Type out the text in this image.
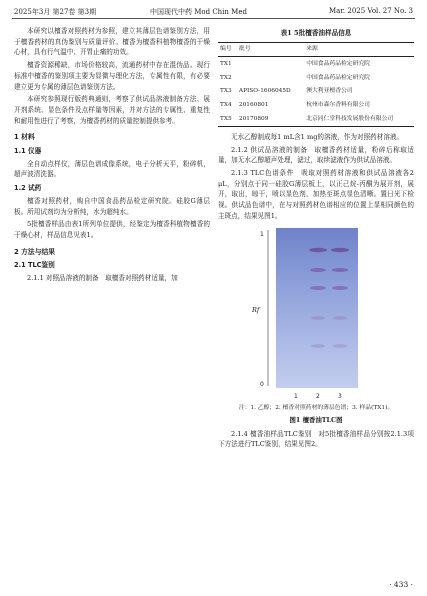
2025年3月 第27卷 第3期	中国现代中药 Mod Chin Med	Mar. 2025 Vol. 27 No. 3

本研究以檀香对照药材为参照，建立其薄层色谱鉴别方法，用于檀香药材的真伪鉴别与质量评价。檀香为檀香科植物檀香的干燥心材，具有行气温中、开胃止痛的功效。

檀香资源稀缺，市场价格较高，流通药材中存在混伪品。现行标准中檀香的鉴别项主要为显微与理化方法，专属性有限，有必要建立更为专属的薄层色谱鉴别方法。

本研究参照现行版药典通则，考察了供试品溶液制备方法、展开剂系统、显色条件及点样量等因素，并对方法的专属性、重复性和耐用性进行了考察，为檀香药材的质量控制提供参考。

1 材料
1.1 仪器

全自动点样仪，薄层色谱成像系统，电子分析天平，粉碎机，超声波清洗器。

1.2 试药

檀香对照药材，购自中国食品药品检定研究院。硅胶G薄层板。所用试剂均为分析纯，水为超纯水。

5批檀香样品由表1所列单位提供，经鉴定为檀香科植物檀香的干燥心材，样品信息见表1。

2 方法与结果
2.1 TLC鉴别

2.1.1 对照品溶液的制备　取檀香对照药材适量，加

表1 5批檀香油样品信息
编号	批号	来源
TX1		中国食品药品检定研究院
TX2		中国食品药品检定研究院
TX3	APISO-1606045D	澳大利亚檀香公司
TX4	20160801	杭州市森尔香料有限公司
TX5	20170809	北京同仁堂科技发展股份有限公司

无水乙醇制成每1 mL含1 mg的溶液，作为对照药材溶液。

2.1.2 供试品溶液的制备　取檀香药材适量，粉碎后称取适量，加无水乙醇超声处理，滤过，取续滤液作为供试品溶液。

2.1.3 TLC色谱条件　吸取对照药材溶液和供试品溶液各2 μL，分别点于同一硅胶G薄层板上，以正己烷-丙酮为展开剂，展开，取出，晾干，喷以显色剂，加热至斑点显色清晰。置日光下检视。供试品色谱中，在与对照药材色谱相应的位置上显相同颜色的主斑点，结果见图1。

1
0
Rf
1	2	3

注：1. 乙醇；2. 檀香对照药材的薄层色谱；3. 样品(TX1)。

图1 檀香油TLC图

2.1.4 檀香油样品TLC鉴别　对5批檀香油样品分别按2.1.3项下方法进行TLC鉴别，结果见图2。

· 433 ·
